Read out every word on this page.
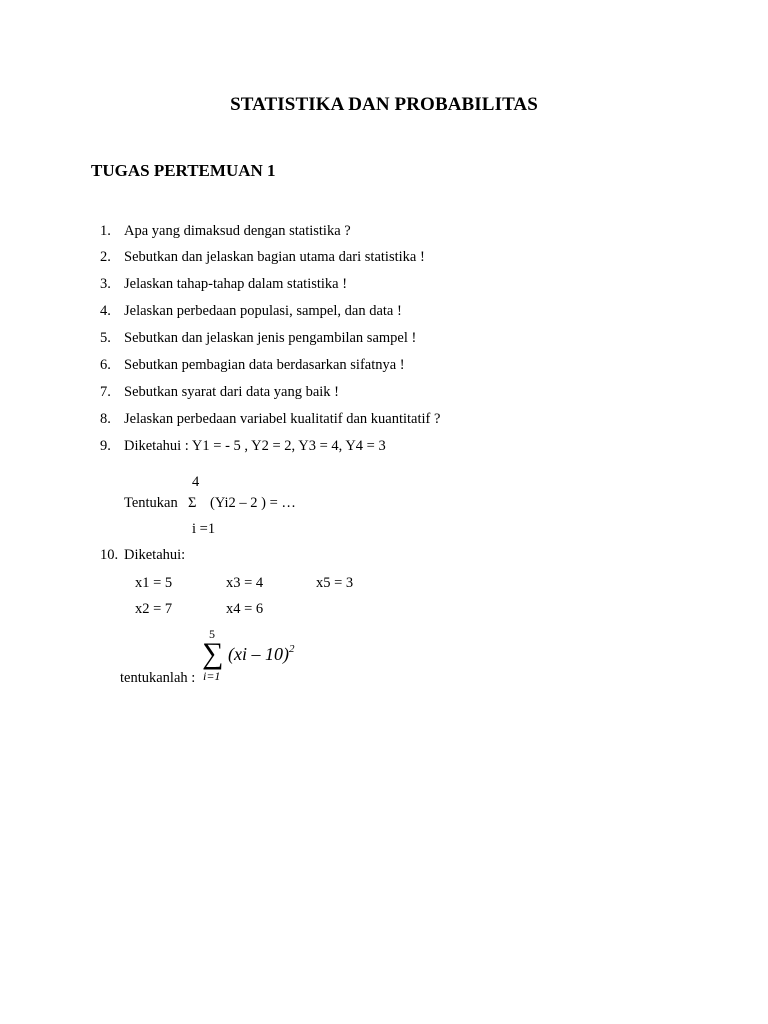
STATISTIKA DAN PROBABILITAS
TUGAS PERTEMUAN 1
1. Apa yang dimaksud dengan statistika ?
2. Sebutkan dan jelaskan bagian utama dari statistika !
3. Jelaskan tahap-tahap dalam statistika !
4. Jelaskan perbedaan populasi, sampel, dan data !
5. Sebutkan dan jelaskan jenis pengambilan sampel !
6. Sebutkan pembagian data berdasarkan sifatnya !
7. Sebutkan syarat dari data yang baik !
8. Jelaskan perbedaan variabel kualitatif dan kuantitatif ?
9. Diketahui : Y1 = - 5 , Y2 = 2, Y3 = 4, Y4 = 3
4
Tentukan Σ (Yi2 – 2 ) = …
i =1
10. Diketahui:
x1 = 5	x3 = 4	x5 = 3
x2 = 7	x4 = 6
5
∑
i=1
(xi – 10)$^2$
tentukanlah :
